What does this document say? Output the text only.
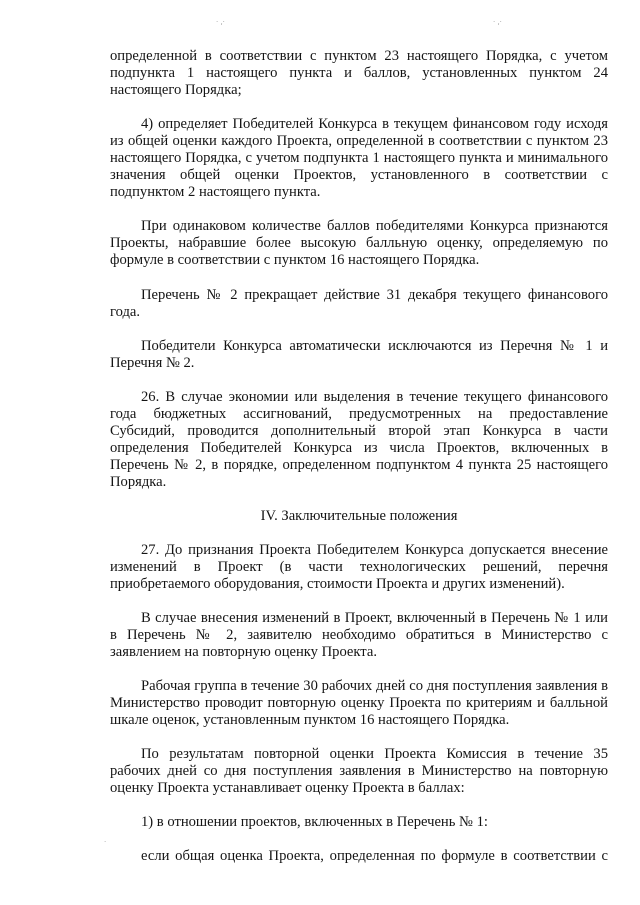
· ,·	· ,·
·

определенной в соответствии с пунктом 23 настоящего Порядка, с учетом подпункта 1 настоящего пункта и баллов, установленных пунктом 24 настоящего Порядка;

4) определяет Победителей Конкурса в текущем финансовом году исходя из общей оценки каждого Проекта, определенной в соответствии с пунктом 23 настоящего Порядка, с учетом подпункта 1 настоящего пункта и минимального значения общей оценки Проектов, установленного в соответствии с подпунктом 2 настоящего пункта.

При одинаковом количестве баллов победителями Конкурса признаются Проекты, набравшие более высокую балльную оценку, определяемую по формуле в соответствии с пунктом 16 настоящего Порядка.

Перечень № 2 прекращает действие 31 декабря текущего финансового года.

Победители Конкурса автоматически исключаются из Перечня № 1 и Перечня № 2.

26. В случае экономии или выделения в течение текущего финансового года бюджетных ассигнований, предусмотренных на предоставление Субсидий, проводится дополнительный второй этап Конкурса в части определения Победителей Конкурса из числа Проектов, включенных в Перечень № 2, в порядке, определенном подпунктом 4 пункта 25 настоящего Порядка.

IV. Заключительные положения

27. До признания Проекта Победителем Конкурса допускается внесение изменений в Проект (в части технологических решений, перечня приобретаемого оборудования, стоимости Проекта и других изменений).

В случае внесения изменений в Проект, включенный в Перечень № 1 или в Перечень № 2, заявителю необходимо обратиться в Министерство с заявлением на повторную оценку Проекта.

Рабочая группа в течение 30 рабочих дней со дня поступления заявления в Министерство проводит повторную оценку Проекта по критериям и балльной шкале оценок, установленным пунктом 16 настоящего Порядка.

По результатам повторной оценки Проекта Комиссия в течение 35 рабочих дней со дня поступления заявления в Министерство на повторную оценку Проекта устанавливает оценку Проекта в баллах:

1) в отношении проектов, включенных в Перечень № 1:

если общая оценка Проекта, определенная по формуле в соответствии с
